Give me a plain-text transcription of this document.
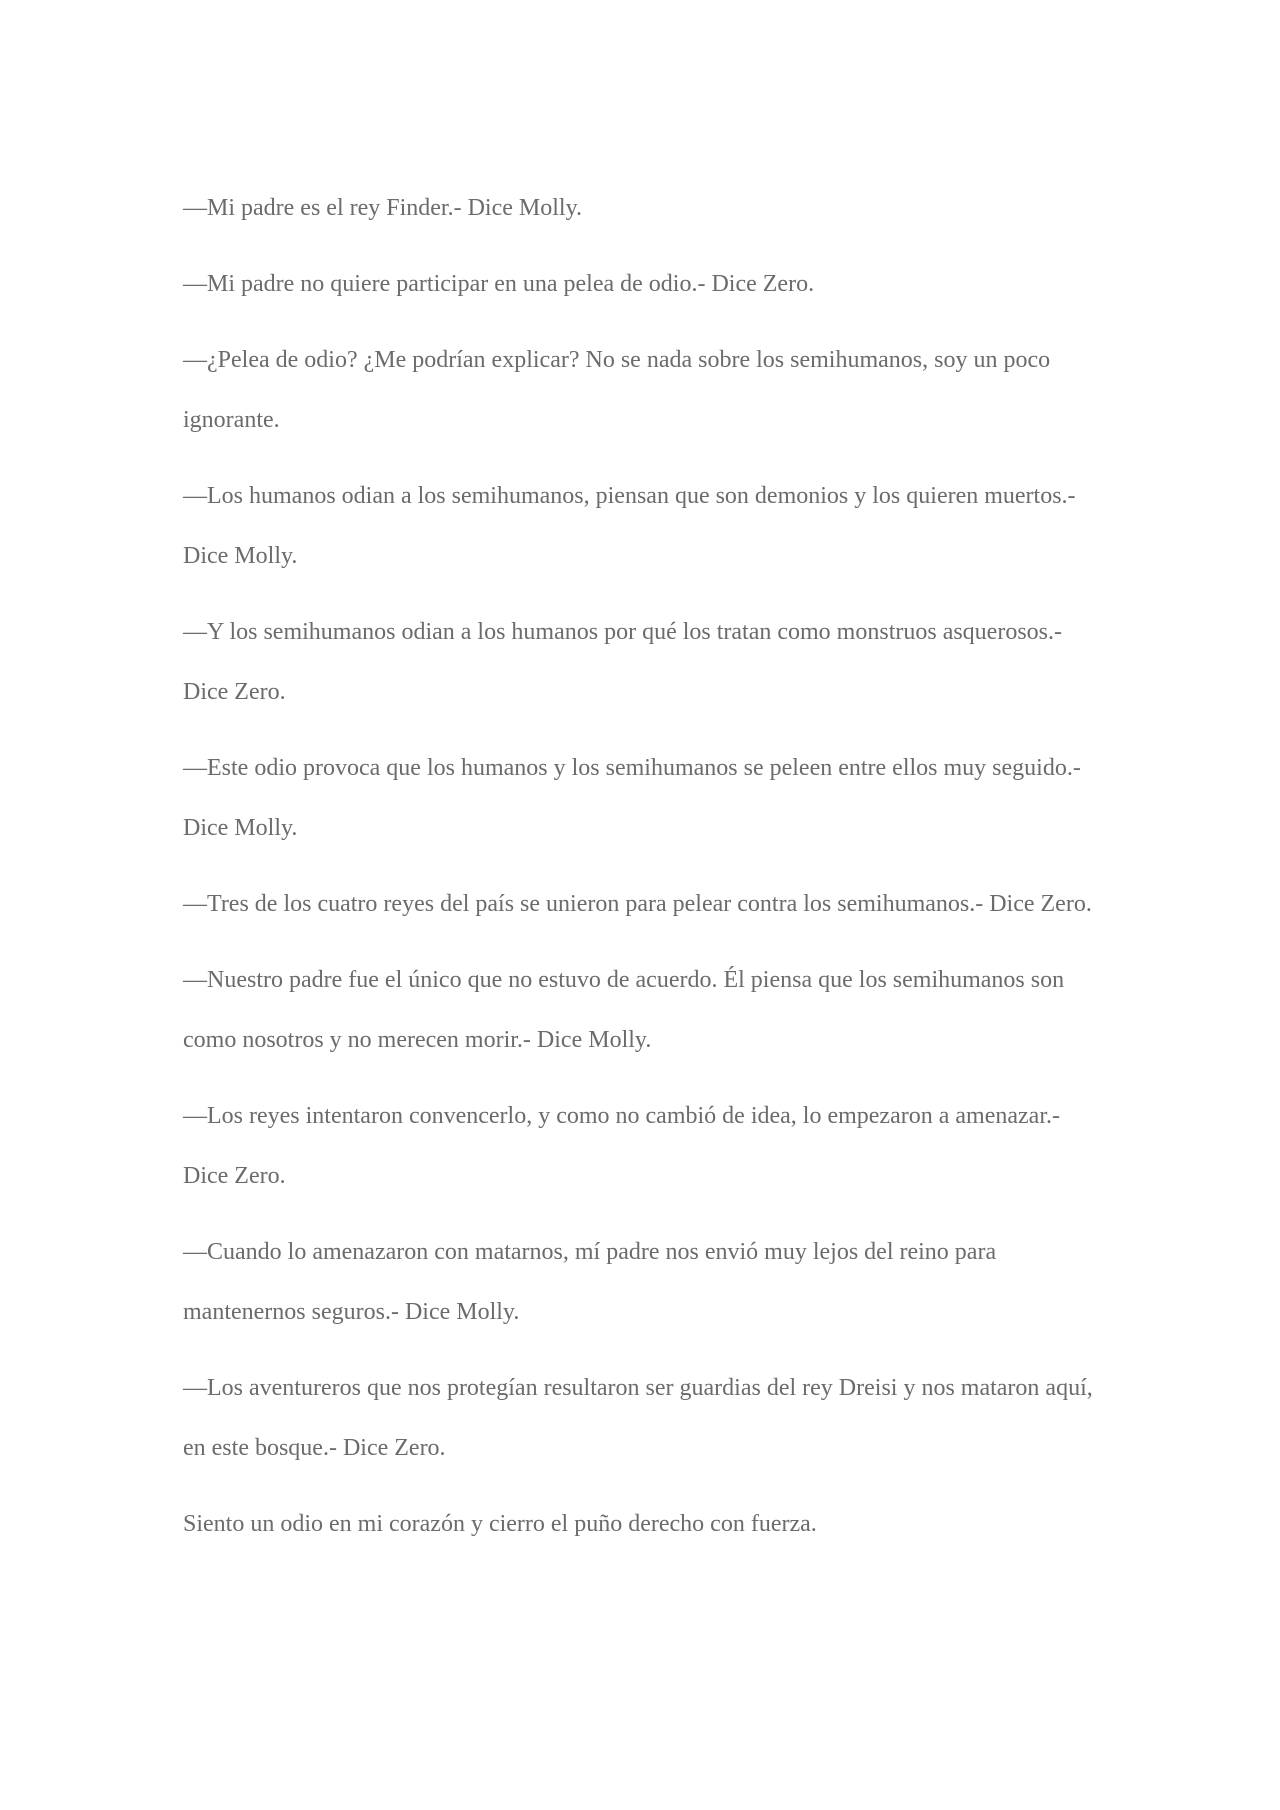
—Mi padre es el rey Finder.- Dice Molly.

—Mi padre no quiere participar en una pelea de odio.- Dice Zero.

—¿Pelea de odio? ¿Me podrían explicar? No se nada sobre los semihumanos, soy un poco ignorante.

—Los humanos odian a los semihumanos, piensan que son demonios y los quieren muertos.- Dice Molly.

—Y los semihumanos odian a los humanos por qué los tratan como monstruos asquerosos.- Dice Zero.

—Este odio provoca que los humanos y los semihumanos se peleen entre ellos muy seguido.- Dice Molly.

—Tres de los cuatro reyes del país se unieron para pelear contra los semihumanos.- Dice Zero.

—Nuestro padre fue el único que no estuvo de acuerdo. Él piensa que los semihumanos son como nosotros y no merecen morir.- Dice Molly.

—Los reyes intentaron convencerlo, y como no cambió de idea, lo empezaron a amenazar.- Dice Zero.

—Cuando lo amenazaron con matarnos, mí padre nos envió muy lejos del reino para mantenernos seguros.- Dice Molly.

—Los aventureros que nos protegían resultaron ser guardias del rey Dreisi y nos mataron aquí, en este bosque.- Dice Zero.

Siento un odio en mi corazón y cierro el puño derecho con fuerza.
